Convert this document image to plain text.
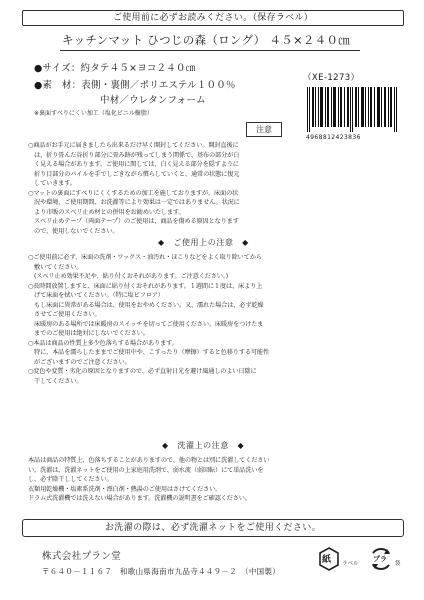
ご使用前に必ずお読みください。（保存ラベル）
キッチンマット ひつじの森（ロング） ４５×２４０㎝
●サイズ：約タテ４５×ヨコ２４０㎝
●素　材：表側・裏側／ポリエステル１００％
中材／ウレタンフォーム
※裏面すべりにくい加工（塩化ビニル樹脂）
（XE-1273）
4968812423836
注意
○商品がお手元に届きましたら出来るだけ早く開封してください。開封直後に
　は、折り畳んだ谷折り部分に畳み跡が残ってしまう関係で、基布の部分が白
　く見える場合があります。ご使用に関しては、白く見える部分を隠すように
　折り目部分のパイルを手でしごきながら慣らしていくと、通常の状態に復元
　していきます。
○マットの裏面にすべりにくくするための加工を施しておりますが、床面の状
　況や環境、ご使用期間、お洗濯等により効果は一定ではありません。状況に
　より市販のスベリ止め材との併用をお勧めいたします。
　スベリ止めテープ（両面テープ）のご使用は、商品を傷める原因となります
　ので、使用しないでください。
◆　ご使用上の注意　◆
○ご使用前に必ず、床面の洗剤・ワックス・油汚れ・ほこりなどをよく取り除いてから
　敷いてください。
　(スベリ止め効果不足や、貼り付くおそれがあります。ご注意ください。)
○長時間放置しますと、床面に貼り付くおそれがあります。１週間に１度は、床より上
　げて床面を拭いてください。（特に塩ビフロア）
　もし床面に異常がある場合は、使用をおやめください。又、濡れた場合は、必ず乾燥
　させてご使用ください。
　床暖房のある場所では床暖房のスイッチを切ってご使用ください。床暖房をつけたま
　までのご使用は絶対にしないでください。
○本品は商品の性質上多少色落ちする場合があります。
　特に、本品を濡らしたままでご使用中や、こすったり（摩擦）すると色移りする可能性
　がございますのでご注意ください。
○変色や変質・劣化の原因となりますので、必ず直射日光を避け風通しのよい日陰に
　干してください。
◆　洗濯上の注意　◆
本品は商品の特質上、色落ちすることがありますので、他の物とは別に洗濯してください
い。洗濯は、洗濯ネットをご使用の上家庭用洗剤で、弱水流（弱回転）にて単品洗いを
し、必ず陰干ししてください。
衣類用乾燥機・塩素系洗剤・漂白剤・熱湯のご使用はさけてください。
ドラム式洗濯機では洗えない場合があります。洗濯機の説明書をご確認ください。
お洗濯の際は、必ず洗濯ネットをご使用ください。
株式会社プラン堂
〒６４０－１１６７　和歌山県海南市九品寺４４９－２　（中国製）
紙 ラベル
プラ
袋
